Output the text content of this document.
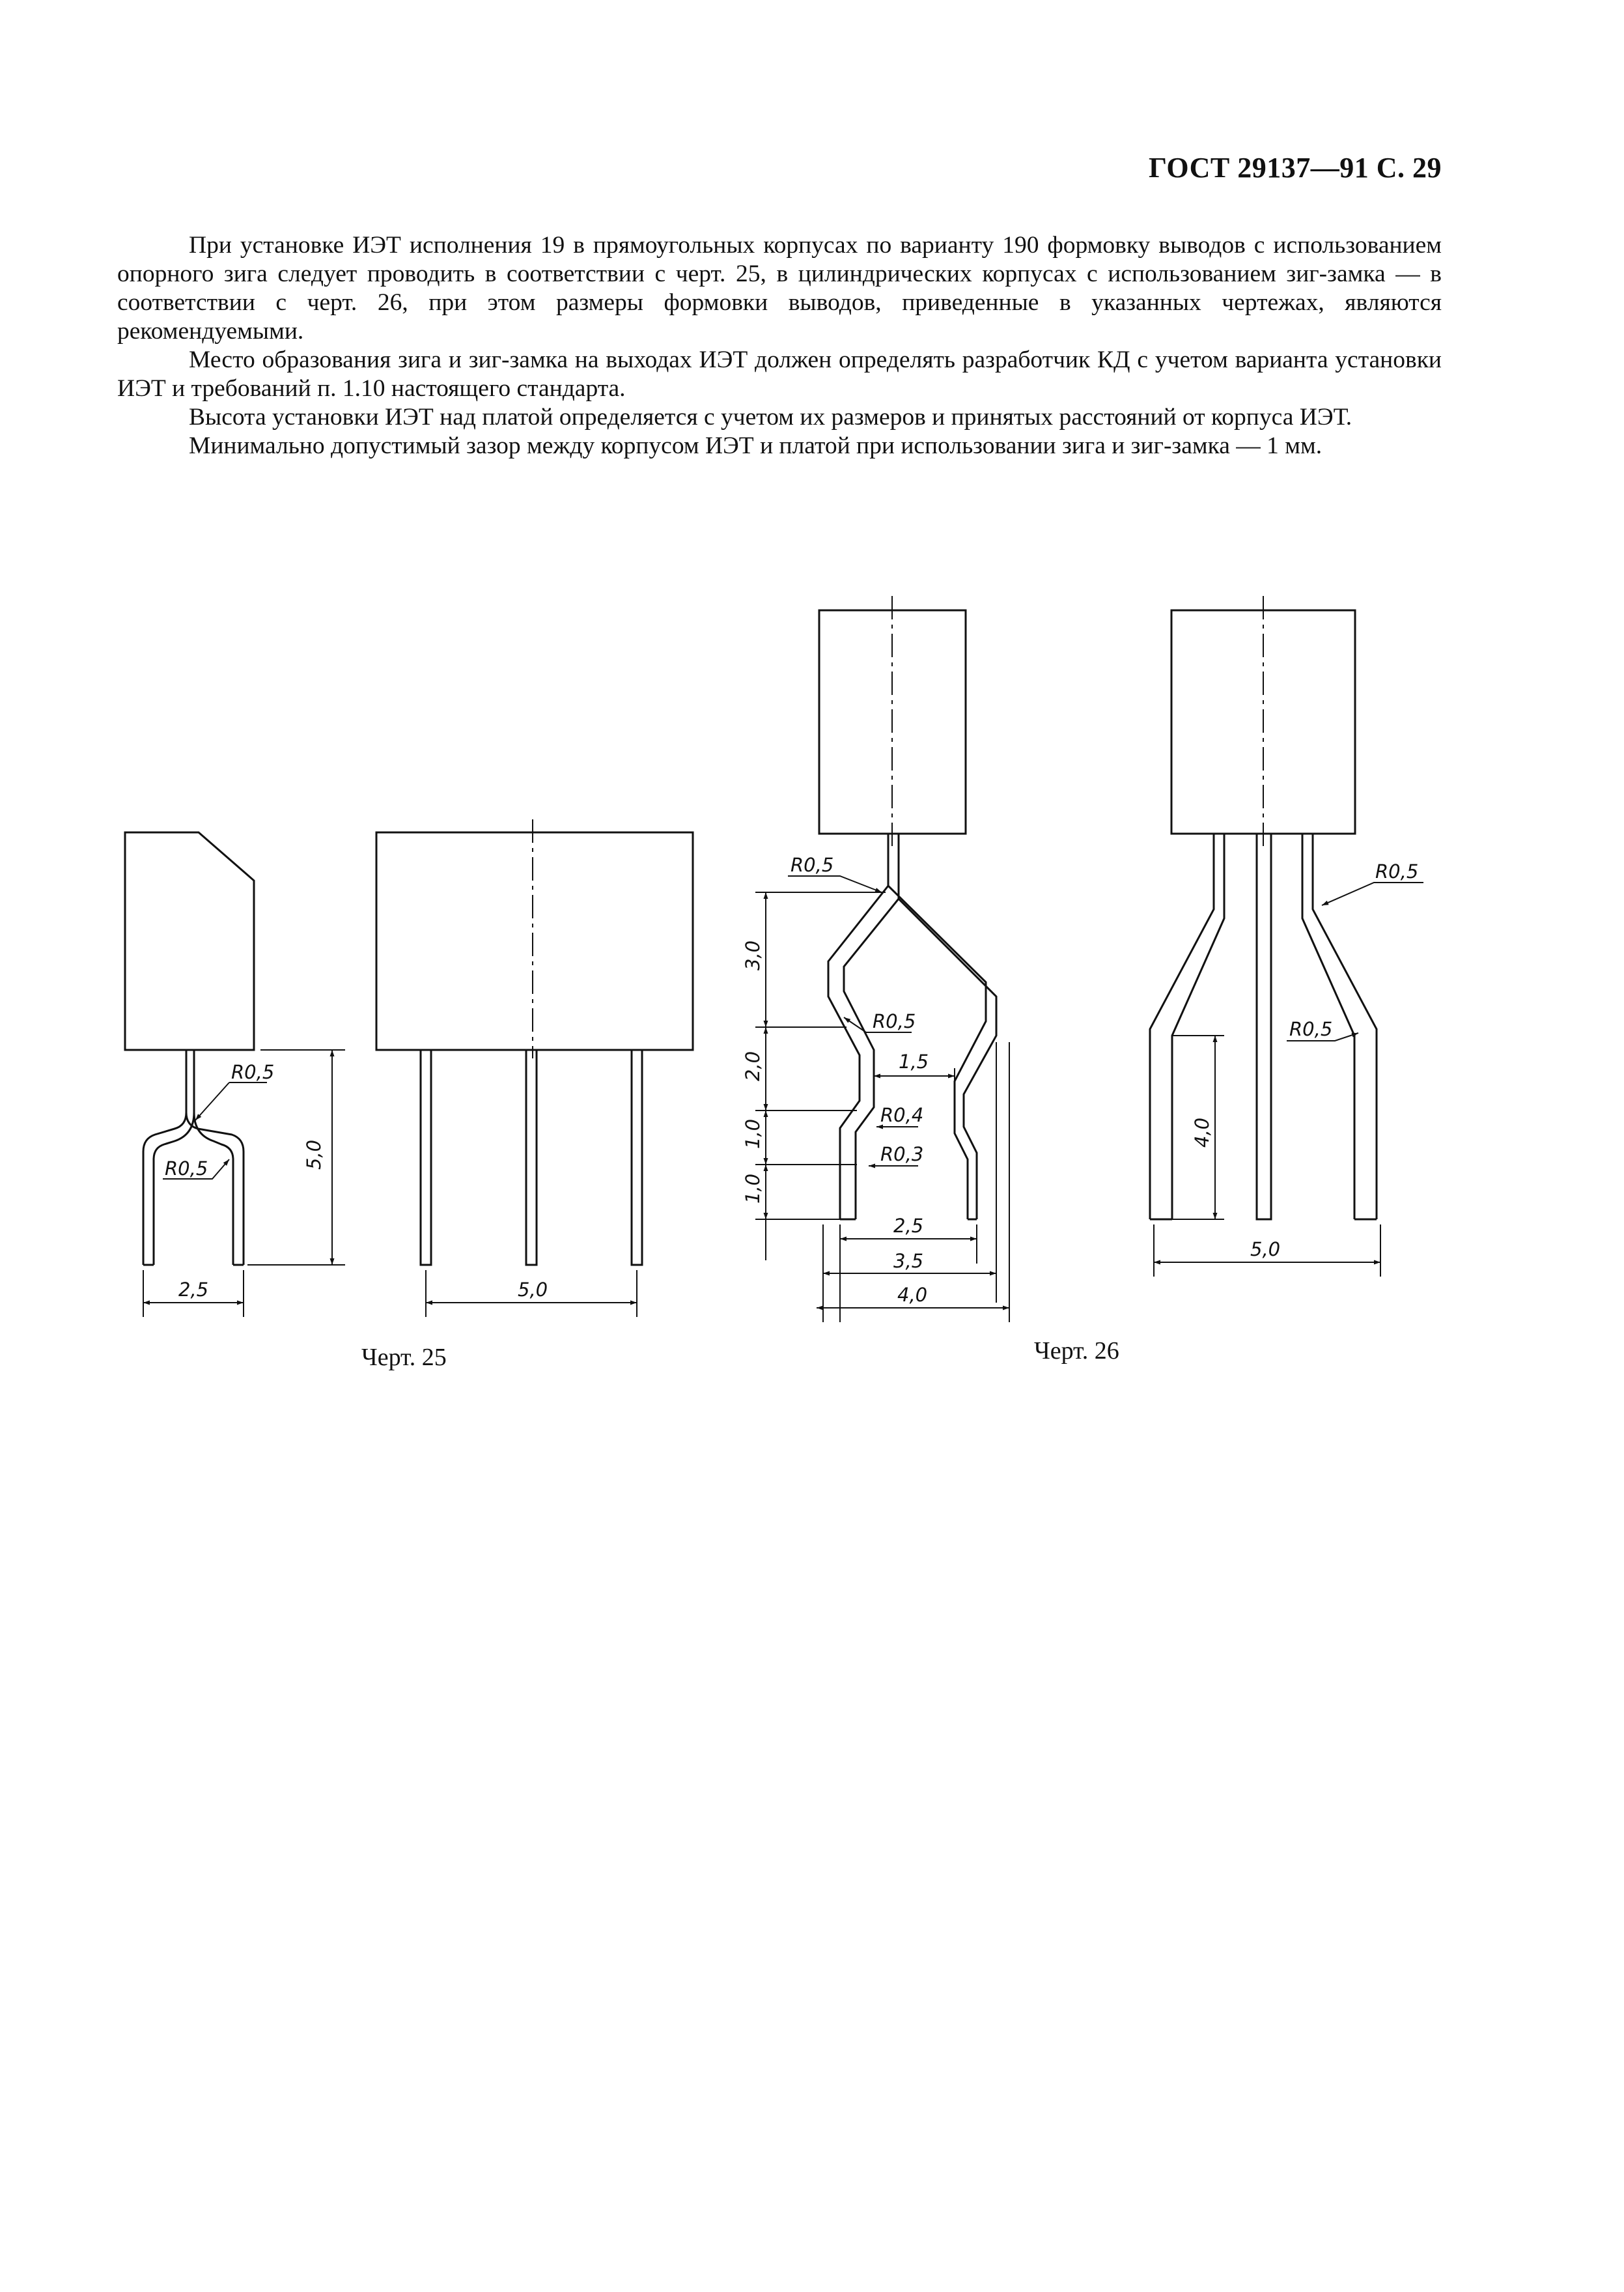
ГОСТ 29137—91 С. 29

При установке ИЭТ исполнения 19 в прямоугольных корпусах по варианту 190 формовку выводов с использованием опорного зига следует проводить в соответствии с черт. 25, в цилиндрических корпусах с использованием зиг-замка — в соответствии с черт. 26, при этом размеры формовки выводов, приведенные в указанных чертежах, являются рекомендуемыми.

Место образования зига и зиг-замка на выходах ИЭТ должен определять разработчик КД с учетом варианта установки ИЭТ и требований п. 1.10 настоящего стандарта.

Высота установки ИЭТ над платой определяется с учетом их размеров и принятых расстояний от корпуса ИЭТ.

Минимально допустимый зазор между корпусом ИЭТ и платой при использовании зига и зиг-замка — 1 мм.

R0,5
R0,5	5,0
2,5	5,0
R0,5
R0,5
R0,4
R0,3
3,0
2,0
1,0
1,0
1,5
2,5
3,5
4,0
R0,5
R0,5
4,0
5,0

Черт. 25	Черт. 26
